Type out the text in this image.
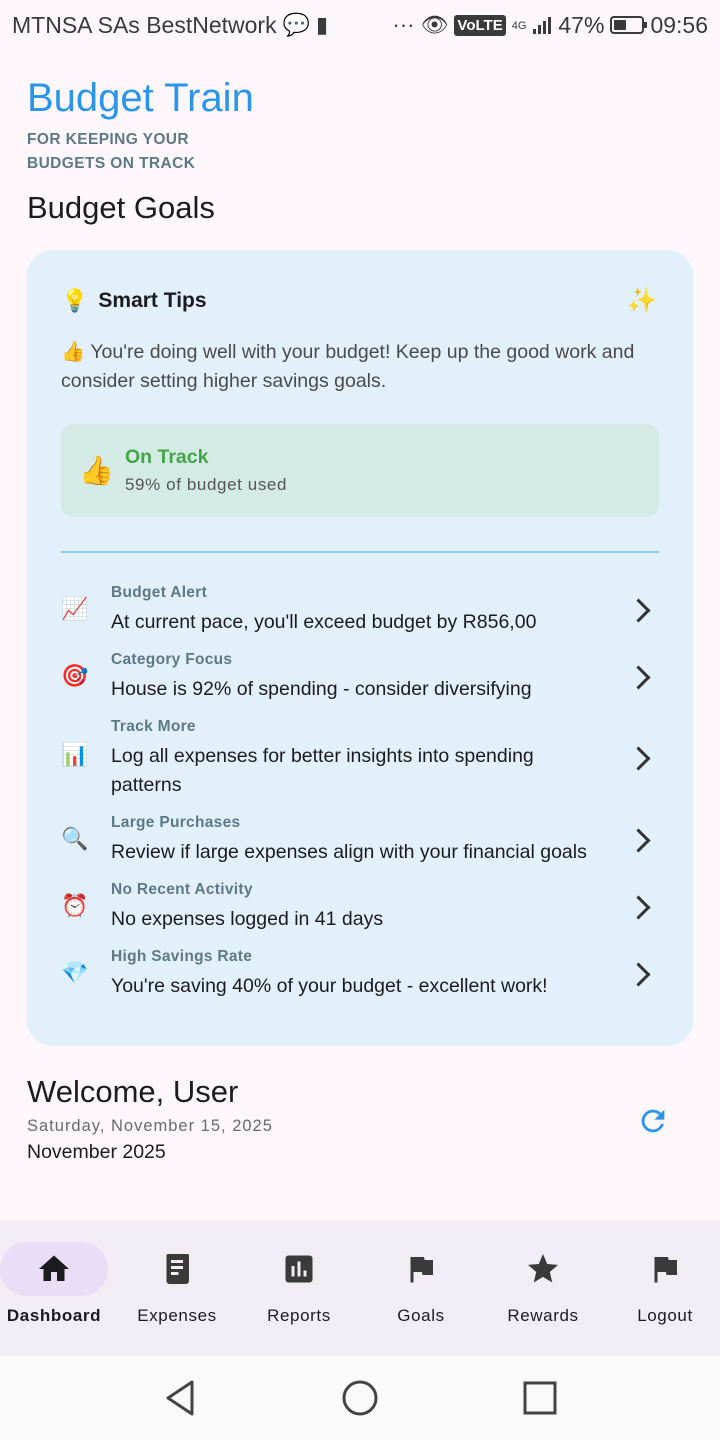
MTNSA SAs BestNetwork 💬 ▮	··· 👁 VoLTE 4G 47% 09:56
Budget Train
FOR KEEPING YOUR
BUDGETS ON TRACK
Budget Goals
💡 Smart Tips	✨
👍 You're doing well with your budget! Keep up the good work and consider setting higher savings goals.
👍 On Track
59% of budget used
📈
Budget Alert
At current pace, you'll exceed budget by R856,00
🎯
Category Focus
House is 92% of spending - consider diversifying
📊
Track More
Log all expenses for better insights into spending patterns
🔍
Large Purchases
Review if large expenses align with your financial goals
⏰
No Recent Activity
No expenses logged in 41 days
💎
High Savings Rate
You're saving 40% of your budget - excellent work!
Welcome, User
Saturday, November 15, 2025
November 2025
Dashboard	Expenses	Reports	Goals	Rewards	Logout
